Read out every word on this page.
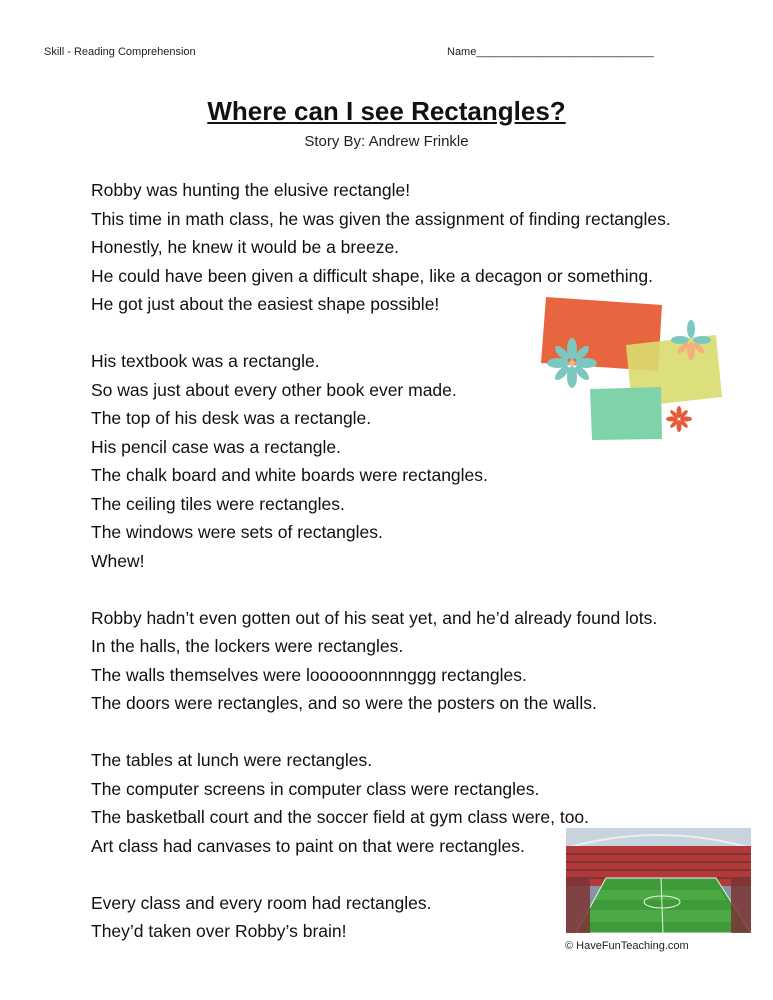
Skill - Reading Comprehension	Name_____________________________
Where can I see Rectangles?
Story By: Andrew Frinkle
Robby was hunting the elusive rectangle!
This time in math class, he was given the assignment of finding rectangles.
Honestly, he knew it would be a breeze.
He could have been given a difficult shape, like a decagon or something.
He got just about the easiest shape possible!
His textbook was a rectangle.
So was just about every other book ever made.
The top of his desk was a rectangle.
His pencil case was a rectangle.
The chalk board and white boards were rectangles.
The ceiling tiles were rectangles.
The windows were sets of rectangles.
Whew!
Robby hadn’t even gotten out of his seat yet, and he’d already found lots.
In the halls, the lockers were rectangles.
The walls themselves were loooooonnnnggg rectangles.
The doors were rectangles, and so were the posters on the walls.
The tables at lunch were rectangles.
The computer screens in computer class were rectangles.
The basketball court and the soccer field at gym class were, too.
Art class had canvases to paint on that were rectangles.
Every class and every room had rectangles.
They’d taken over Robby’s brain!
© HaveFunTeaching.com
